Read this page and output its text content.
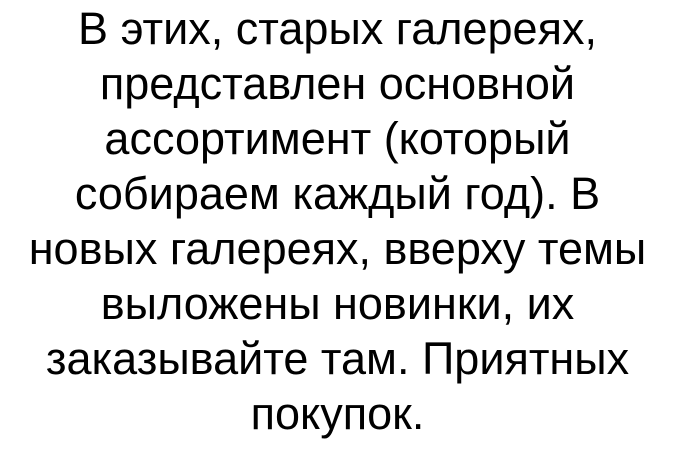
В этих, старых галереях,
представлен основной
ассортимент (который
собираем каждый год). В
новых галереях, вверху темы
выложены новинки, их
заказывайте там. Приятных
покупок.
